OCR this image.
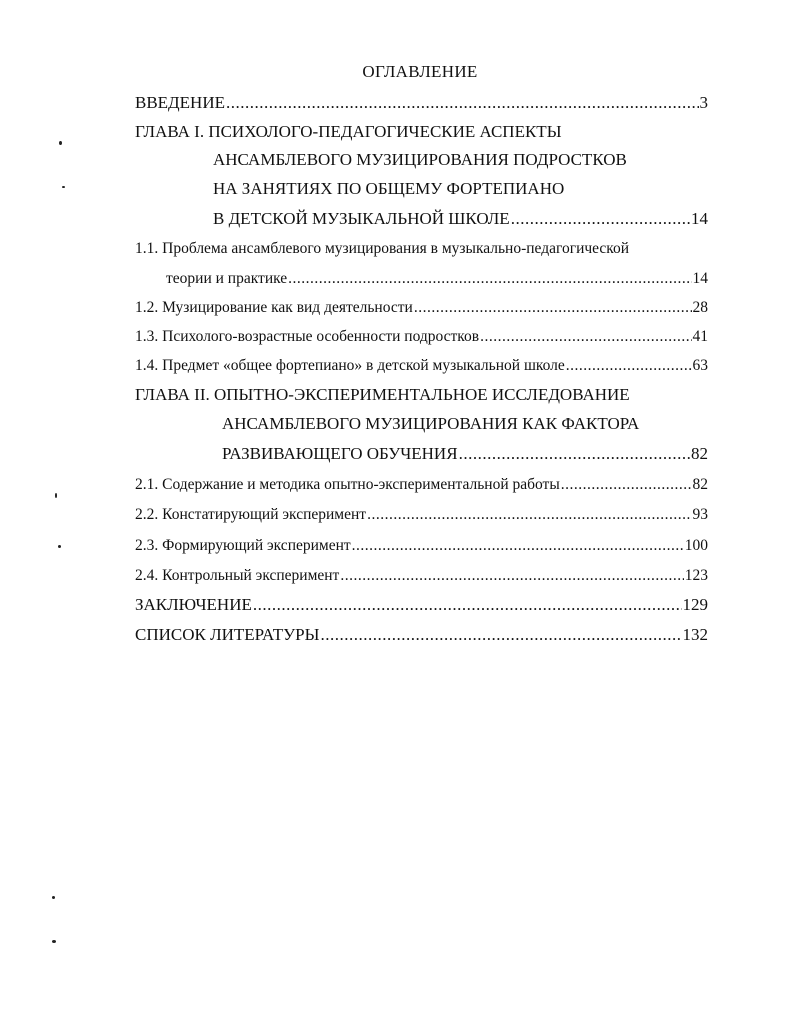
ОГЛАВЛЕНИЕ
ВВЕДЕНИЕ .....	3
ГЛАВА I. ПСИХОЛОГО-ПЕДАГОГИЧЕСКИЕ АСПЕКТЫ
АНСАМБЛЕВОГО МУЗИЦИРОВАНИЯ ПОДРОСТКОВ
НА ЗАНЯТИЯХ ПО ОБЩЕМУ ФОРТЕПИАНО
В ДЕТСКОЙ МУЗЫКАЛЬНОЙ ШКОЛЕ .....	14
1.1. Проблема ансамблевого музицирования в музыкально-педагогической
теории и практике .....	14
1.2. Музицирование как вид деятельности .....	28
1.3. Психолого-возрастные особенности подростков .....	41
1.4. Предмет «общее фортепиано» в детской музыкальной школе .....	63
ГЛАВА II. ОПЫТНО-ЭКСПЕРИМЕНТАЛЬНОЕ ИССЛЕДОВАНИЕ
АНСАМБЛЕВОГО МУЗИЦИРОВАНИЯ КАК ФАКТОРА
РАЗВИВАЮЩЕГО ОБУЧЕНИЯ .....	82
2.1. Содержание и методика опытно-экспериментальной работы .....	82
2.2. Констатирующий эксперимент .....	93
2.3. Формирующий эксперимент .....	100
2.4. Контрольный эксперимент .....	123
ЗАКЛЮЧЕНИЕ .....	129
СПИСОК ЛИТЕРАТУРЫ .....	132
